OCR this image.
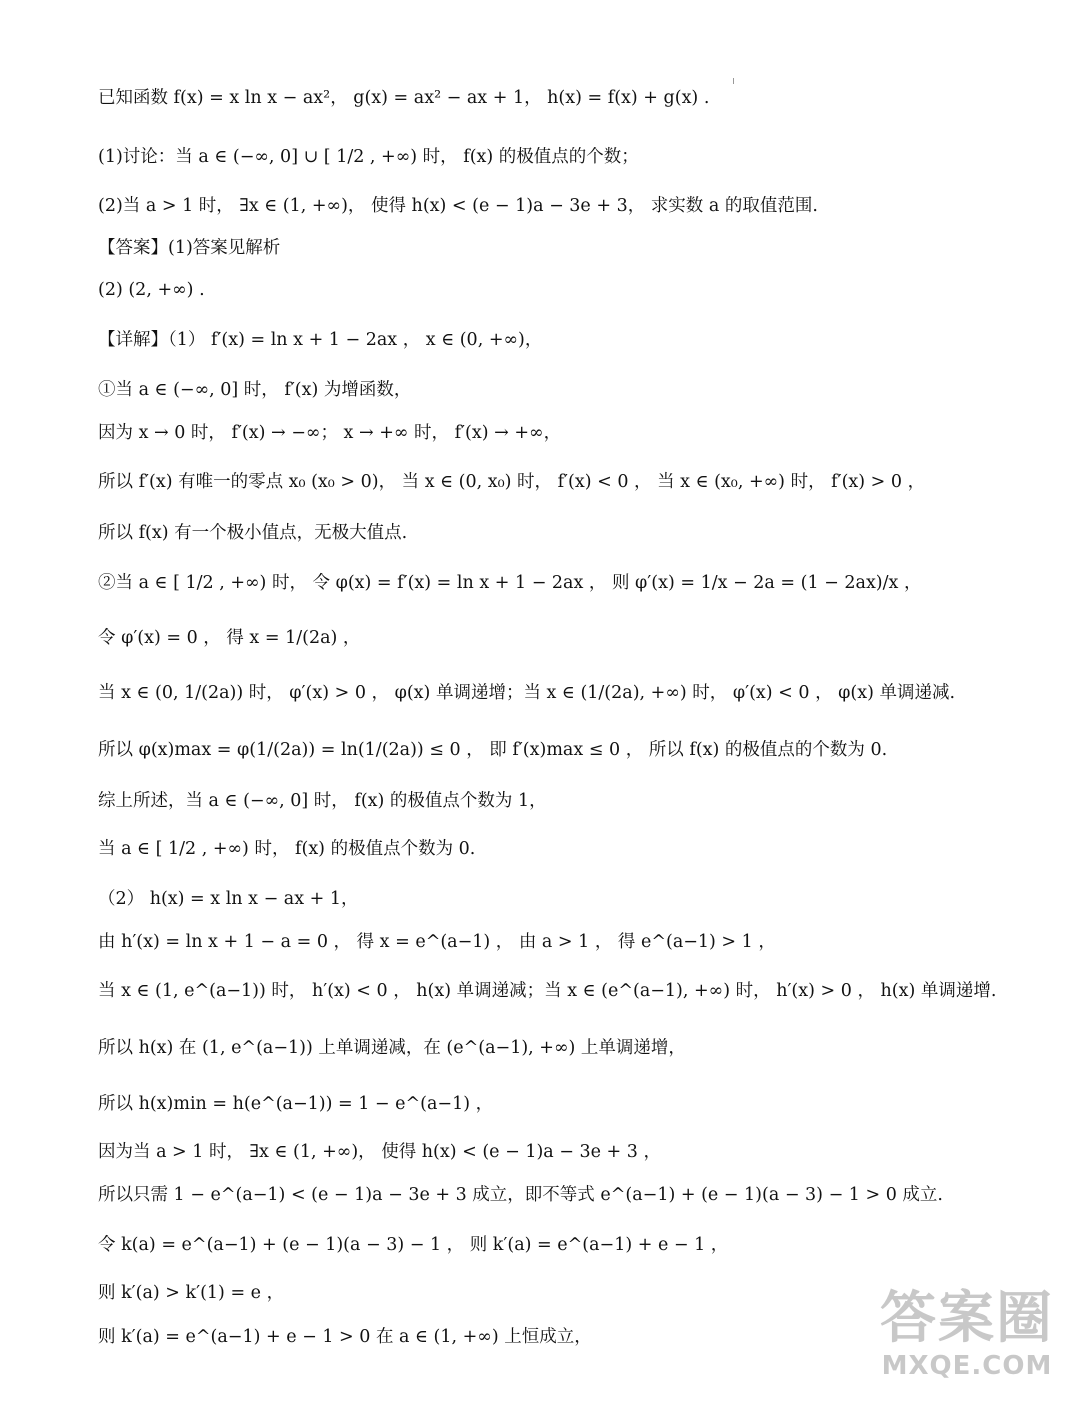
已知函数 f(x) = x ln x − ax²， g(x) = ax² − ax + 1， h(x) = f(x) + g(x) .
(1)讨论：当 a ∈ (−∞, 0] ∪ [ 1/2 , +∞) 时， f(x) 的极值点的个数；
(2)当 a > 1 时， ∃x ∈ (1, +∞)， 使得 h(x) < (e − 1)a − 3e + 3， 求实数 a 的取值范围.
【答案】(1)答案见解析
(2) (2, +∞) .
【详解】（1） f′(x) = ln x + 1 − 2ax ， x ∈ (0, +∞)，
①当 a ∈ (−∞, 0] 时， f′(x) 为增函数，
因为 x → 0 时， f′(x) → −∞； x → +∞ 时， f′(x) → +∞，
所以 f′(x) 有唯一的零点 x₀ (x₀ > 0)， 当 x ∈ (0, x₀) 时， f′(x) < 0 ， 当 x ∈ (x₀, +∞) 时， f′(x) > 0 ，
所以 f(x) 有一个极小值点，无极大值点.
②当 a ∈ [ 1/2 , +∞) 时， 令 φ(x) = f′(x) = ln x + 1 − 2ax ， 则 φ′(x) = 1/x − 2a = (1 − 2ax)/x ，
令 φ′(x) = 0 ， 得 x = 1/(2a) ，
当 x ∈ (0, 1/(2a)) 时， φ′(x) > 0 ， φ(x) 单调递增；当 x ∈ (1/(2a), +∞) 时， φ′(x) < 0 ， φ(x) 单调递减.
所以 φ(x)max = φ(1/(2a)) = ln(1/(2a)) ≤ 0 ， 即 f′(x)max ≤ 0 ， 所以 f(x) 的极值点的个数为 0.
综上所述，当 a ∈ (−∞, 0] 时， f(x) 的极值点个数为 1，
当 a ∈ [ 1/2 , +∞) 时， f(x) 的极值点个数为 0.
（2） h(x) = x ln x − ax + 1，
由 h′(x) = ln x + 1 − a = 0 ， 得 x = e^(a−1) ， 由 a > 1 ， 得 e^(a−1) > 1 ，
当 x ∈ (1, e^(a−1)) 时， h′(x) < 0 ， h(x) 单调递减；当 x ∈ (e^(a−1), +∞) 时， h′(x) > 0 ， h(x) 单调递增.
所以 h(x) 在 (1, e^(a−1)) 上单调递减，在 (e^(a−1), +∞) 上单调递增，
所以 h(x)min = h(e^(a−1)) = 1 − e^(a−1) ，
因为当 a > 1 时， ∃x ∈ (1, +∞)， 使得 h(x) < (e − 1)a − 3e + 3 ，
所以只需 1 − e^(a−1) < (e − 1)a − 3e + 3 成立，即不等式 e^(a−1) + (e − 1)(a − 3) − 1 > 0 成立.
令 k(a) = e^(a−1) + (e − 1)(a − 3) − 1 ， 则 k′(a) = e^(a−1) + e − 1 ，
则 k′(a) > k′(1) = e ，
则 k′(a) = e^(a−1) + e − 1 > 0 在 a ∈ (1, +∞) 上恒成立，	答案圈
MXQE.COM
